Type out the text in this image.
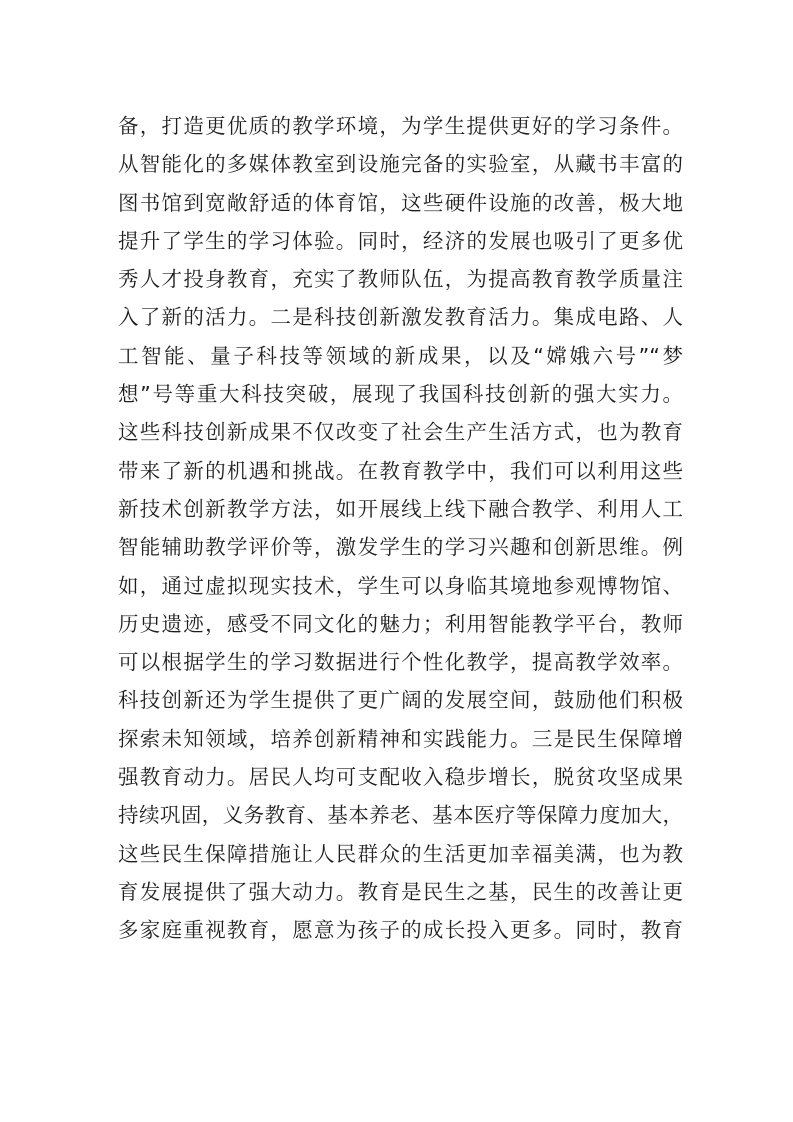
备，打造更优质的教学环境，为学生提供更好的学习条件。
从智能化的多媒体教室到设施完备的实验室，从藏书丰富的
图书馆到宽敞舒适的体育馆，这些硬件设施的改善，极大地
提升了学生的学习体验。同时，经济的发展也吸引了更多优
秀人才投身教育，充实了教师队伍，为提高教育教学质量注
入了新的活力。二是科技创新激发教育活力。集成电路、人
工智能、量子科技等领域的新成果，以及“嫦娥六号”“梦
想”号等重大科技突破，展现了我国科技创新的强大实力。
这些科技创新成果不仅改变了社会生产生活方式，也为教育
带来了新的机遇和挑战。在教育教学中，我们可以利用这些
新技术创新教学方法，如开展线上线下融合教学、利用人工
智能辅助教学评价等，激发学生的学习兴趣和创新思维。例
如，通过虚拟现实技术，学生可以身临其境地参观博物馆、
历史遗迹，感受不同文化的魅力；利用智能教学平台，教师
可以根据学生的学习数据进行个性化教学，提高教学效率。
科技创新还为学生提供了更广阔的发展空间，鼓励他们积极
探索未知领域，培养创新精神和实践能力。三是民生保障增
强教育动力。居民人均可支配收入稳步增长，脱贫攻坚成果
持续巩固，义务教育、基本养老、基本医疗等保障力度加大，
这些民生保障措施让人民群众的生活更加幸福美满，也为教
育发展提供了强大动力。教育是民生之基，民生的改善让更
多家庭重视教育，愿意为孩子的成长投入更多。同时，教育
